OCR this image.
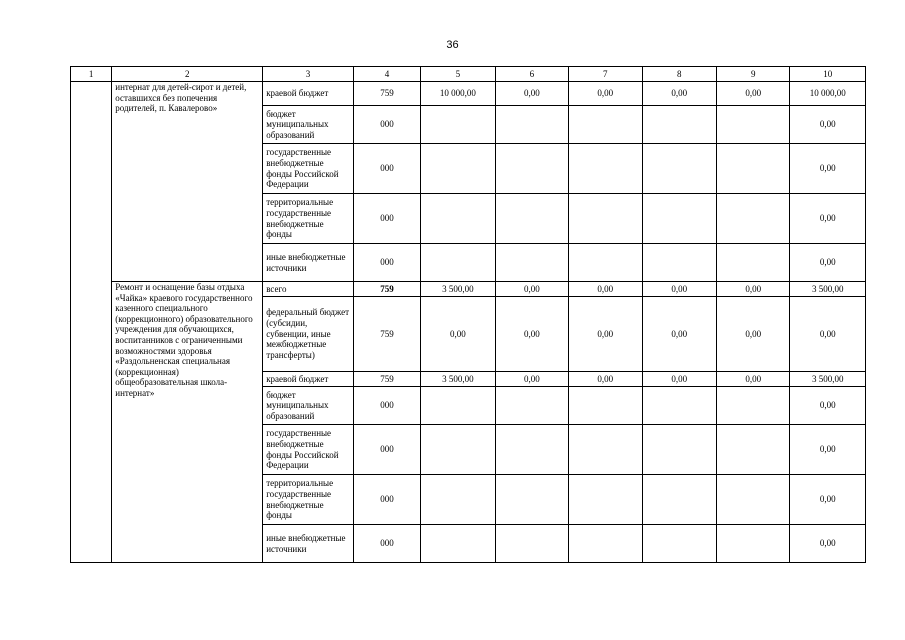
36
1	2	3	4	5	6	7	8	9	10
	интернат для детей-сирот и детей, оставшихся без попечения родителей, п. Кавалерово»	краевой бюджет	759	10 000,00	0,00	0,00	0,00	0,00	10 000,00
		бюджет муниципальных образований	000						0,00
		государственные внебюджетные фонды Российской Федерации	000						0,00
		территориальные государственные внебюджетные фонды	000						0,00
		иные внебюджетные источники	000						0,00
	Ремонт и оснащение базы отдыха «Чайка» краевого государственного казенного специального (коррекционного) образовательного учреждения для обучающихся, воспитанников с ограниченными возможностями здоровья «Раздольненская специальная (коррекционная) общеобразовательная школа-интернат»	всего	759	3 500,00	0,00	0,00	0,00	0,00	3 500,00
		федеральный бюджет (субсидии, субвенции, иные межбюджетные трансферты)	759	0,00	0,00	0,00	0,00	0,00	0,00
		краевой бюджет	759	3 500,00	0,00	0,00	0,00	0,00	3 500,00
		бюджет муниципальных образований	000						0,00
		государственные внебюджетные фонды Российской Федерации	000						0,00
		территориальные государственные внебюджетные фонды	000						0,00
		иные внебюджетные источники	000						0,00
